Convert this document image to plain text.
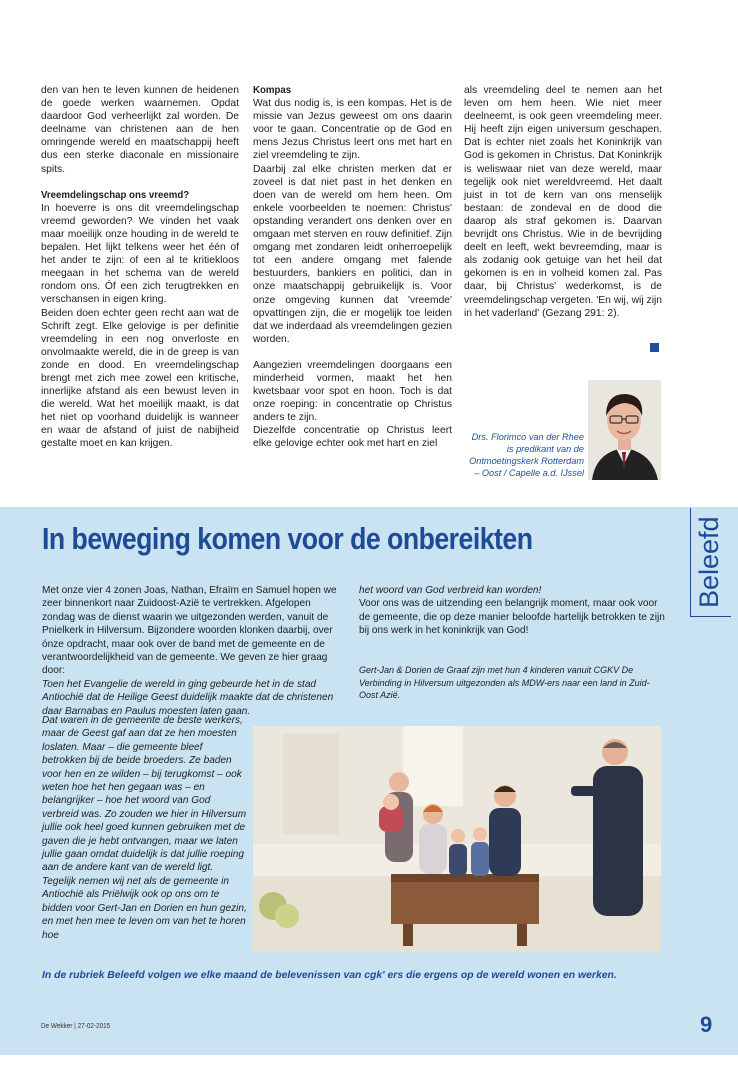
den van hen te leven kunnen de heidenen de goede werken waarnemen. Opdat daardoor God verheerlijkt zal worden. De deelname van christenen aan de hen omringende wereld en maatschappij heeft dus een sterke diaconale en missionaire spits.

Vreemdelingschap ons vreemd?

In hoeverre is ons dit vreemdelingschap vreemd geworden? We vinden het vaak maar moeilijk onze houding in de wereld te bepalen. Het lijkt telkens weer het één of het ander te zijn: of een al te kritiekloos meegaan in het schema van de wereld rondom ons. Óf een zich terugtrekken en verschansen in eigen kring.

Beiden doen echter geen recht aan wat de Schrift zegt. Elke gelovige is per definitie vreemdeling in een nog onverloste en onvolmaakte wereld, die in de greep is van zonde en dood. En vreemdelingschap brengt met zich mee zowel een kritische, innerlijke afstand als een bewust leven in die wereld. Wat het moeilijk maakt, is dat het niet op voorhand duidelijk is wanneer en waar de afstand of juist de nabijheid gestalte moet en kan krijgen.

Kompas

Wat dus nodig is, is een kompas. Het is de missie van Jezus geweest om ons daarin voor te gaan. Concentratie op de God en mens Jezus Christus leert ons met hart en ziel vreemdeling te zijn.

Daarbij zal elke christen merken dat er zoveel is dat niet past in het denken en doen van de wereld om hem heen. Om enkele voorbeelden te noemen: Christus' opstanding verandert ons denken over en omgaan met sterven en rouw definitief. Zijn omgang met zondaren leidt onherroepelijk tot een andere omgang met falende bestuurders, bankiers en politici, dan in onze maatschappij gebruikelijk is. Voor onze omgeving kunnen dat 'vreemde' opvattingen zijn, die er mogelijk toe leiden dat we inderdaad als vreemdelingen gezien worden.

Aangezien vreemdelingen doorgaans een minderheid vormen, maakt het hen kwetsbaar voor spot en hoon. Toch is dat onze roeping: in concentratie op Christus anders te zijn.

Diezelfde concentratie op Christus leert elke gelovige echter ook met hart en ziel

als vreemdeling deel te nemen aan het leven om hem heen. Wie niet meer deelneemt, is ook geen vreemdeling meer. Hij heeft zijn eigen universum geschapen. Dat is echter niet zoals het Koninkrijk van God is gekomen in Christus. Dat Koninkrijk is weliswaar niet van deze wereld, maar tegelijk ook niet wereldvreemd. Het daalt juist in tot de kern van ons menselijk bestaan: de zondeval en de dood die daarop als straf gekomen is. Daarvan bevrijdt ons Christus. Wie in de bevrijding deelt en leeft, wekt bevreemding, maar is als zodanig ook getuige van het heil dat gekomen is en in volheid komen zal. Pas daar, bij Christus' wederkomst, is de vreemdelingschap vergeten. 'En wij, wij zijn in het vaderland' (Gezang 291: 2).

Drs. Florimco van der Rhee is predikant van de Ontmoetingskerk Rotterdam – Oost / Capelle a.d. IJssel
In beweging komen voor de onbereikten	Beleefd

Met onze vier 4 zonen Joas, Nathan, Efraïm en Samuel hopen we zeer binnenkort naar Zuidoost-Azië te vertrekken. Afgelopen zondag was de dienst waarin we uitgezonden werden, vanuit de Pnielkerk in Hilversum. Bijzondere woorden klonken daarbij, over ónze opdracht, maar ook over de band met de gemeente en de verantwoordelijkheid van de gemeente. We geven ze hier graag door:

Toen het Evangelie de wereld in ging gebeurde het in de stad Antiochië dat de Heilige Geest duidelijk maakte dat de christenen daar Barnabas en Paulus moesten laten gaan.

Dat waren in de gemeente de beste werkers, maar de Geest gaf aan dat ze hen moesten loslaten. Maar – die gemeente bleef betrokken bij de beide broeders. Ze baden voor hen en ze wilden – bij terugkomst – ook weten hoe het hen gegaan was – en belangrijker – hoe het woord van God verbreid was. Zo zouden we hier in Hilversum jullie ook heel goed kunnen gebruiken met de gaven die je hebt ontvangen, maar we laten jullie gaan omdat duidelijk is dat jullie roeping aan de andere kant van de wereld ligt. Tegelijk nemen wij net als de gemeente in Antiochië als Priëlwijk ook op ons om te bidden voor Gert-Jan en Dorien en hun gezin, en met hen mee te leven om van het te horen hoe

het woord van God verbreid kan worden!

Voor ons was de uitzending een belangrijk moment, maar ook voor de gemeente, die op deze manier beloofde hartelijk betrokken te zijn bij ons werk in het koninkrijk van God!

Gert-Jan & Dorien de Graaf zijn met hun 4 kinderen vanuit CGKV De Verbinding in Hilversum uitgezonden als MDW-ers naar een land in Zuid-Oost Azië.
In de rubriek Beleefd volgen we elke maand de belevenissen van cgk' ers die ergens op de wereld wonen en werken.
De Wekker | 27-02-2015	9
